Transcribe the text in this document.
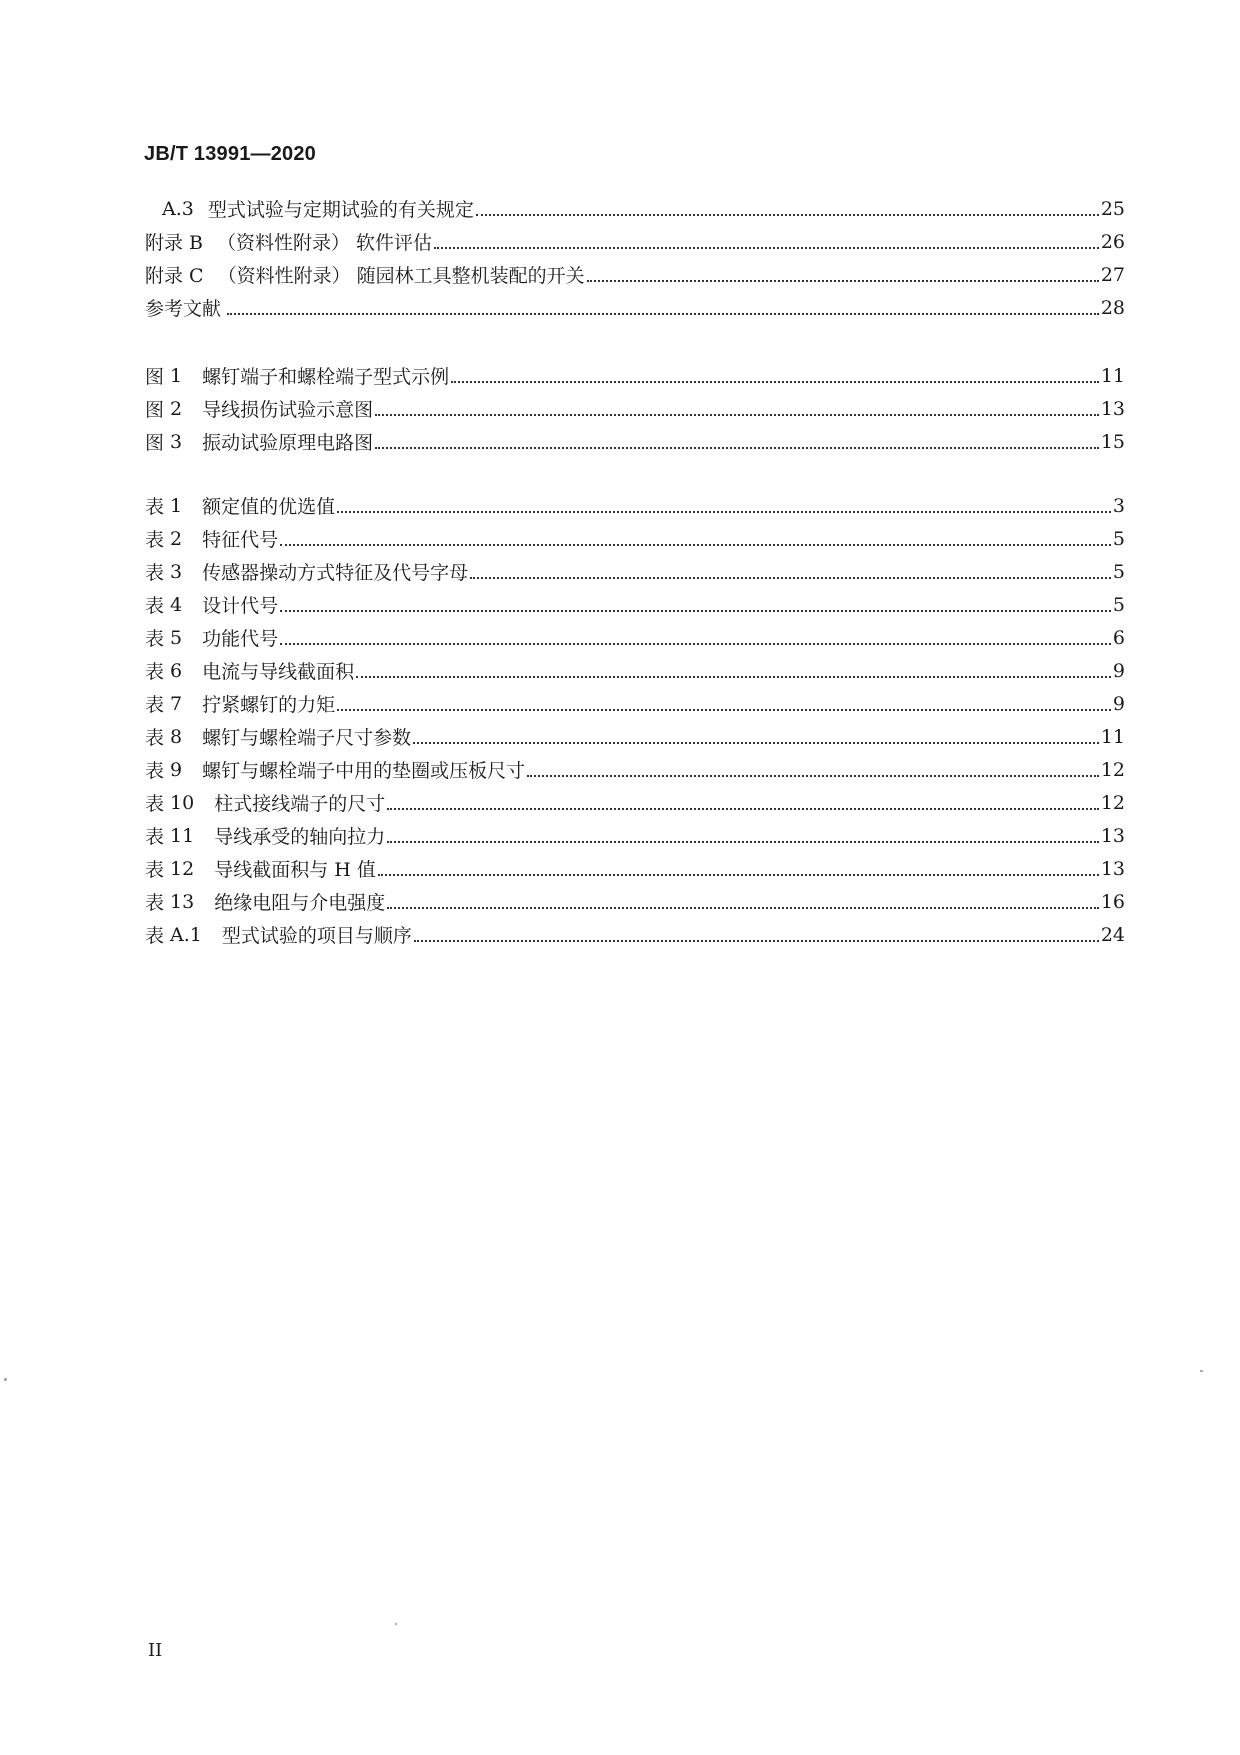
JB/T 13991—2020
A.3 型式试验与定期试验的有关规定	25
附录 B （资料性附录） 软件评估	26
附录 C （资料性附录） 随园林工具整机装配的开关	27
参考文献	28
图 1 螺钉端子和螺栓端子型式示例	11
图 2 导线损伤试验示意图	13
图 3 振动试验原理电路图	15
表 1 额定值的优选值	3
表 2 特征代号	5
表 3 传感器操动方式特征及代号字母	5
表 4 设计代号	5
表 5 功能代号	6
表 6 电流与导线截面积	9
表 7 拧紧螺钉的力矩	9
表 8 螺钉与螺栓端子尺寸参数	11
表 9 螺钉与螺栓端子中用的垫圈或压板尺寸	12
表 10 柱式接线端子的尺寸	12
表 11 导线承受的轴向拉力	13
表 12 导线截面积与 H 值	13
表 13 绝缘电阻与介电强度	16
表 A.1 型式试验的项目与顺序	24
II
